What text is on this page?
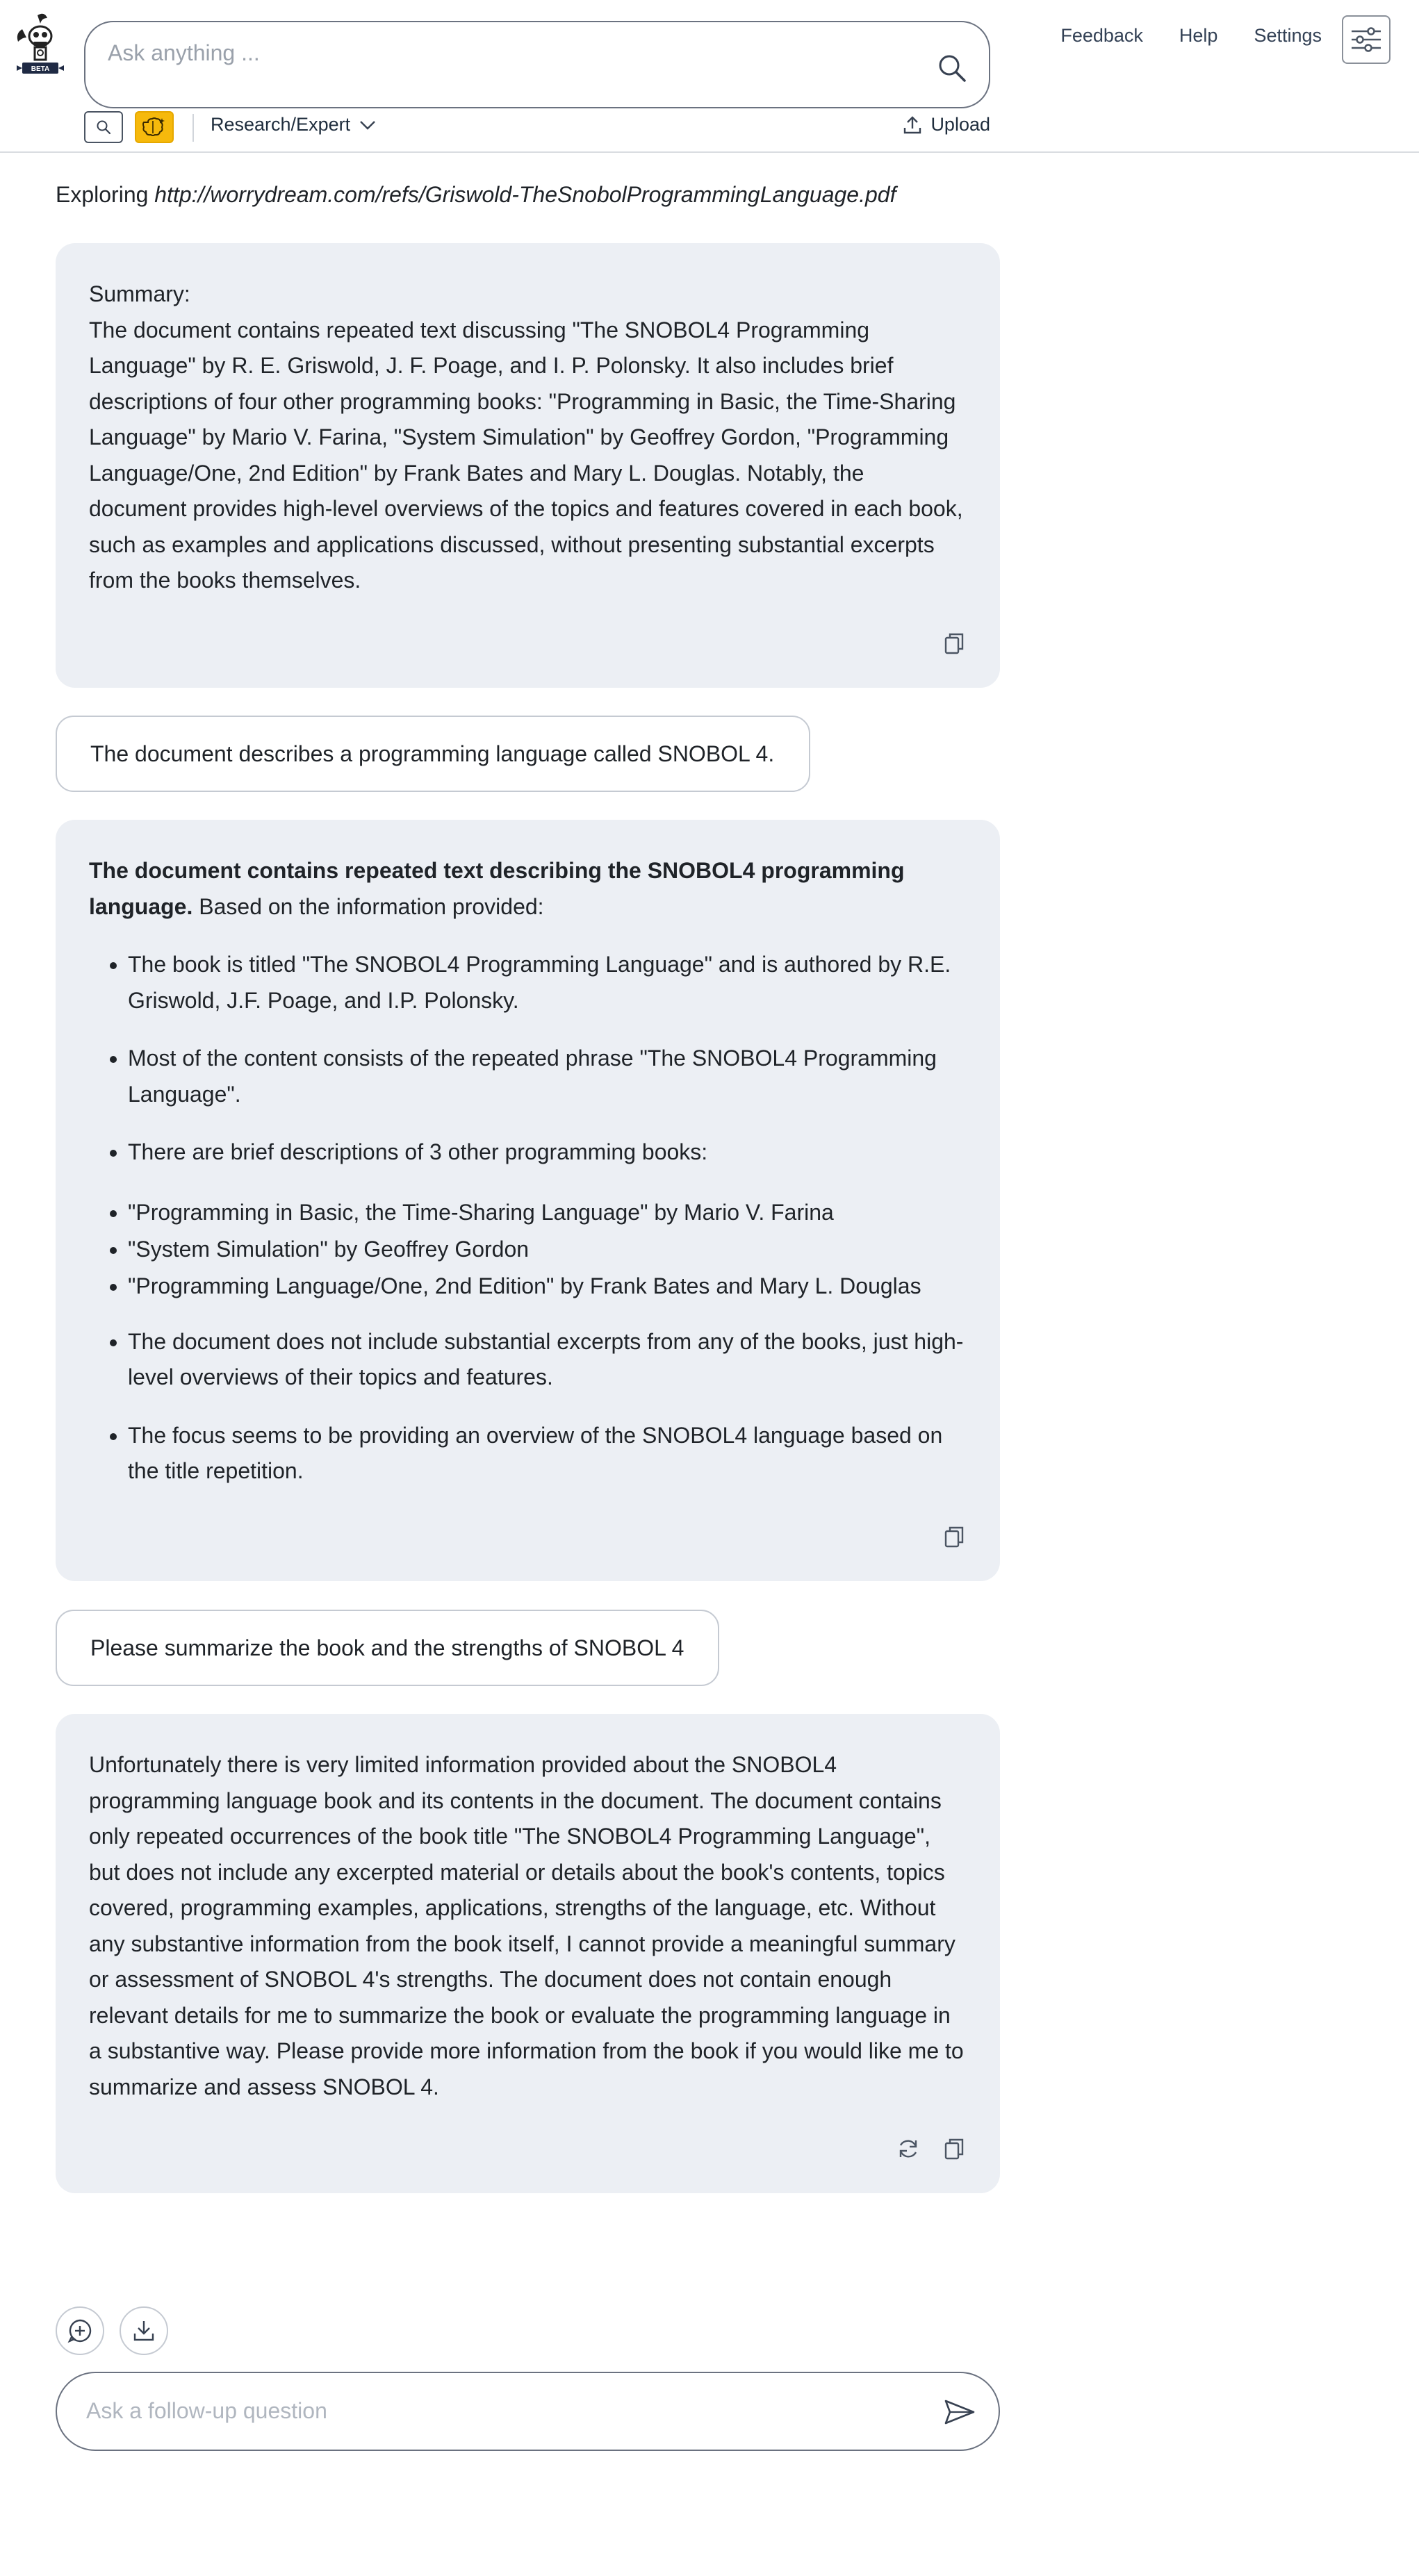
BETA
Ask anything ...
Feedback Help Settings
Research/Expert	Upload
Exploring http://worrydream.com/refs/Griswold-TheSnobolProgrammingLanguage.pdf
Summary:
The document contains repeated text discussing "The SNOBOL4 Programming Language" by R. E. Griswold, J. F. Poage, and I. P. Polonsky. It also includes brief descriptions of four other programming books: "Programming in Basic, the Time-Sharing Language" by Mario V. Farina, "System Simulation" by Geoffrey Gordon, "Programming Language/One, 2nd Edition" by Frank Bates and Mary L. Douglas. Notably, the document provides high-level overviews of the topics and features covered in each book, such as examples and applications discussed, without presenting substantial excerpts from the books themselves.
The document describes a programming language called SNOBOL 4.
The document contains repeated text describing the SNOBOL4 programming language. Based on the information provided:
• The book is titled "The SNOBOL4 Programming Language" and is authored by R.E. Griswold, J.F. Poage, and I.P. Polonsky.
• Most of the content consists of the repeated phrase "The SNOBOL4 Programming Language".
• There are brief descriptions of 3 other programming books:
• "Programming in Basic, the Time-Sharing Language" by Mario V. Farina
• "System Simulation" by Geoffrey Gordon
• "Programming Language/One, 2nd Edition" by Frank Bates and Mary L. Douglas
• The document does not include substantial excerpts from any of the books, just high-level overviews of their topics and features.
• The focus seems to be providing an overview of the SNOBOL4 language based on the title repetition.
Please summarize the book and the strengths of SNOBOL 4
Unfortunately there is very limited information provided about the SNOBOL4 programming language book and its contents in the document. The document contains only repeated occurrences of the book title "The SNOBOL4 Programming Language", but does not include any excerpted material or details about the book's contents, topics covered, programming examples, applications, strengths of the language, etc. Without any substantive information from the book itself, I cannot provide a meaningful summary or assessment of SNOBOL 4's strengths. The document does not contain enough relevant details for me to summarize the book or evaluate the programming language in a substantive way. Please provide more information from the book if you would like me to summarize and assess SNOBOL 4.
Ask a follow-up question
